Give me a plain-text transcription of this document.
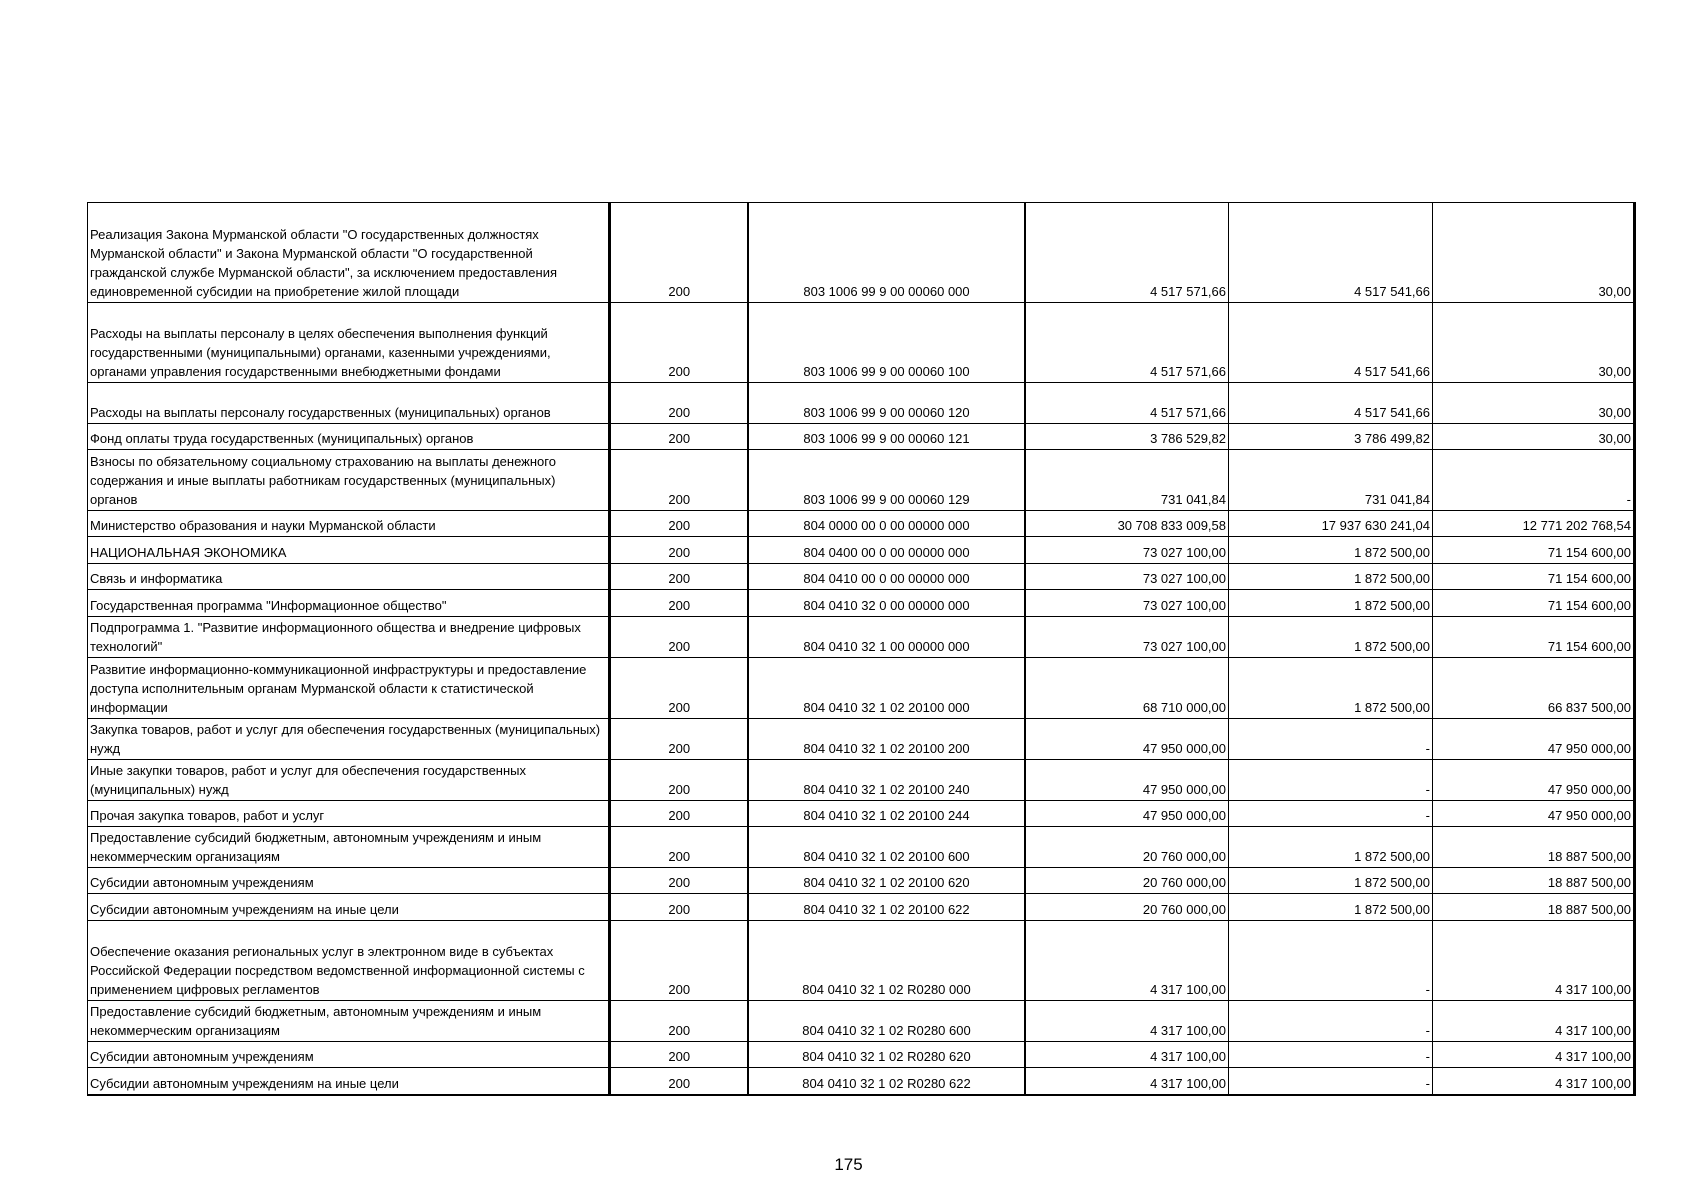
Реализация Закона Мурманской области "О государственных должностях Мурманской области" и Закона Мурманской области "О государственной гражданской службе Мурманской области", за исключением предоставления единовременной субсидии на приобретение жилой площади	200	803 1006 99 9 00 00060 000	4 517 571,66	4 517 541,66	30,00
Расходы на выплаты персоналу в целях обеспечения выполнения функций государственными (муниципальными) органами, казенными учреждениями, органами управления государственными внебюджетными фондами	200	803 1006 99 9 00 00060 100	4 517 571,66	4 517 541,66	30,00
Расходы на выплаты персоналу государственных (муниципальных) органов	200	803 1006 99 9 00 00060 120	4 517 571,66	4 517 541,66	30,00
Фонд оплаты труда государственных (муниципальных) органов	200	803 1006 99 9 00 00060 121	3 786 529,82	3 786 499,82	30,00
Взносы по обязательному социальному страхованию на выплаты денежного содержания и иные выплаты работникам государственных (муниципальных) органов	200	803 1006 99 9 00 00060 129	731 041,84	731 041,84	-
Министерство образования и науки Мурманской области	200	804 0000 00 0 00 00000 000	30 708 833 009,58	17 937 630 241,04	12 771 202 768,54
НАЦИОНАЛЬНАЯ ЭКОНОМИКА	200	804 0400 00 0 00 00000 000	73 027 100,00	1 872 500,00	71 154 600,00
Связь и информатика	200	804 0410 00 0 00 00000 000	73 027 100,00	1 872 500,00	71 154 600,00
Государственная программа "Информационное общество"	200	804 0410 32 0 00 00000 000	73 027 100,00	1 872 500,00	71 154 600,00
Подпрограмма 1. "Развитие информационного общества и внедрение цифровых технологий"	200	804 0410 32 1 00 00000 000	73 027 100,00	1 872 500,00	71 154 600,00
Развитие информационно-коммуникационной инфраструктуры и предоставление доступа исполнительным органам Мурманской области к статистической информации	200	804 0410 32 1 02 20100 000	68 710 000,00	1 872 500,00	66 837 500,00
Закупка товаров, работ и услуг для обеспечения государственных (муниципальных) нужд	200	804 0410 32 1 02 20100 200	47 950 000,00	-	47 950 000,00
Иные закупки товаров, работ и услуг для обеспечения государственных (муниципальных) нужд	200	804 0410 32 1 02 20100 240	47 950 000,00	-	47 950 000,00
Прочая закупка товаров, работ и услуг	200	804 0410 32 1 02 20100 244	47 950 000,00	-	47 950 000,00
Предоставление субсидий бюджетным, автономным учреждениям и иным некоммерческим организациям	200	804 0410 32 1 02 20100 600	20 760 000,00	1 872 500,00	18 887 500,00
Субсидии автономным учреждениям	200	804 0410 32 1 02 20100 620	20 760 000,00	1 872 500,00	18 887 500,00
Субсидии автономным учреждениям на иные цели	200	804 0410 32 1 02 20100 622	20 760 000,00	1 872 500,00	18 887 500,00
Обеспечение оказания региональных услуг в электронном виде в субъектах Российской Федерации посредством ведомственной информационной системы с применением цифровых регламентов	200	804 0410 32 1 02 R0280 000	4 317 100,00	-	4 317 100,00
Предоставление субсидий бюджетным, автономным учреждениям и иным некоммерческим организациям	200	804 0410 32 1 02 R0280 600	4 317 100,00	-	4 317 100,00
Субсидии автономным учреждениям	200	804 0410 32 1 02 R0280 620	4 317 100,00	-	4 317 100,00
Субсидии автономным учреждениям на иные цели	200	804 0410 32 1 02 R0280 622	4 317 100,00	-	4 317 100,00
175
